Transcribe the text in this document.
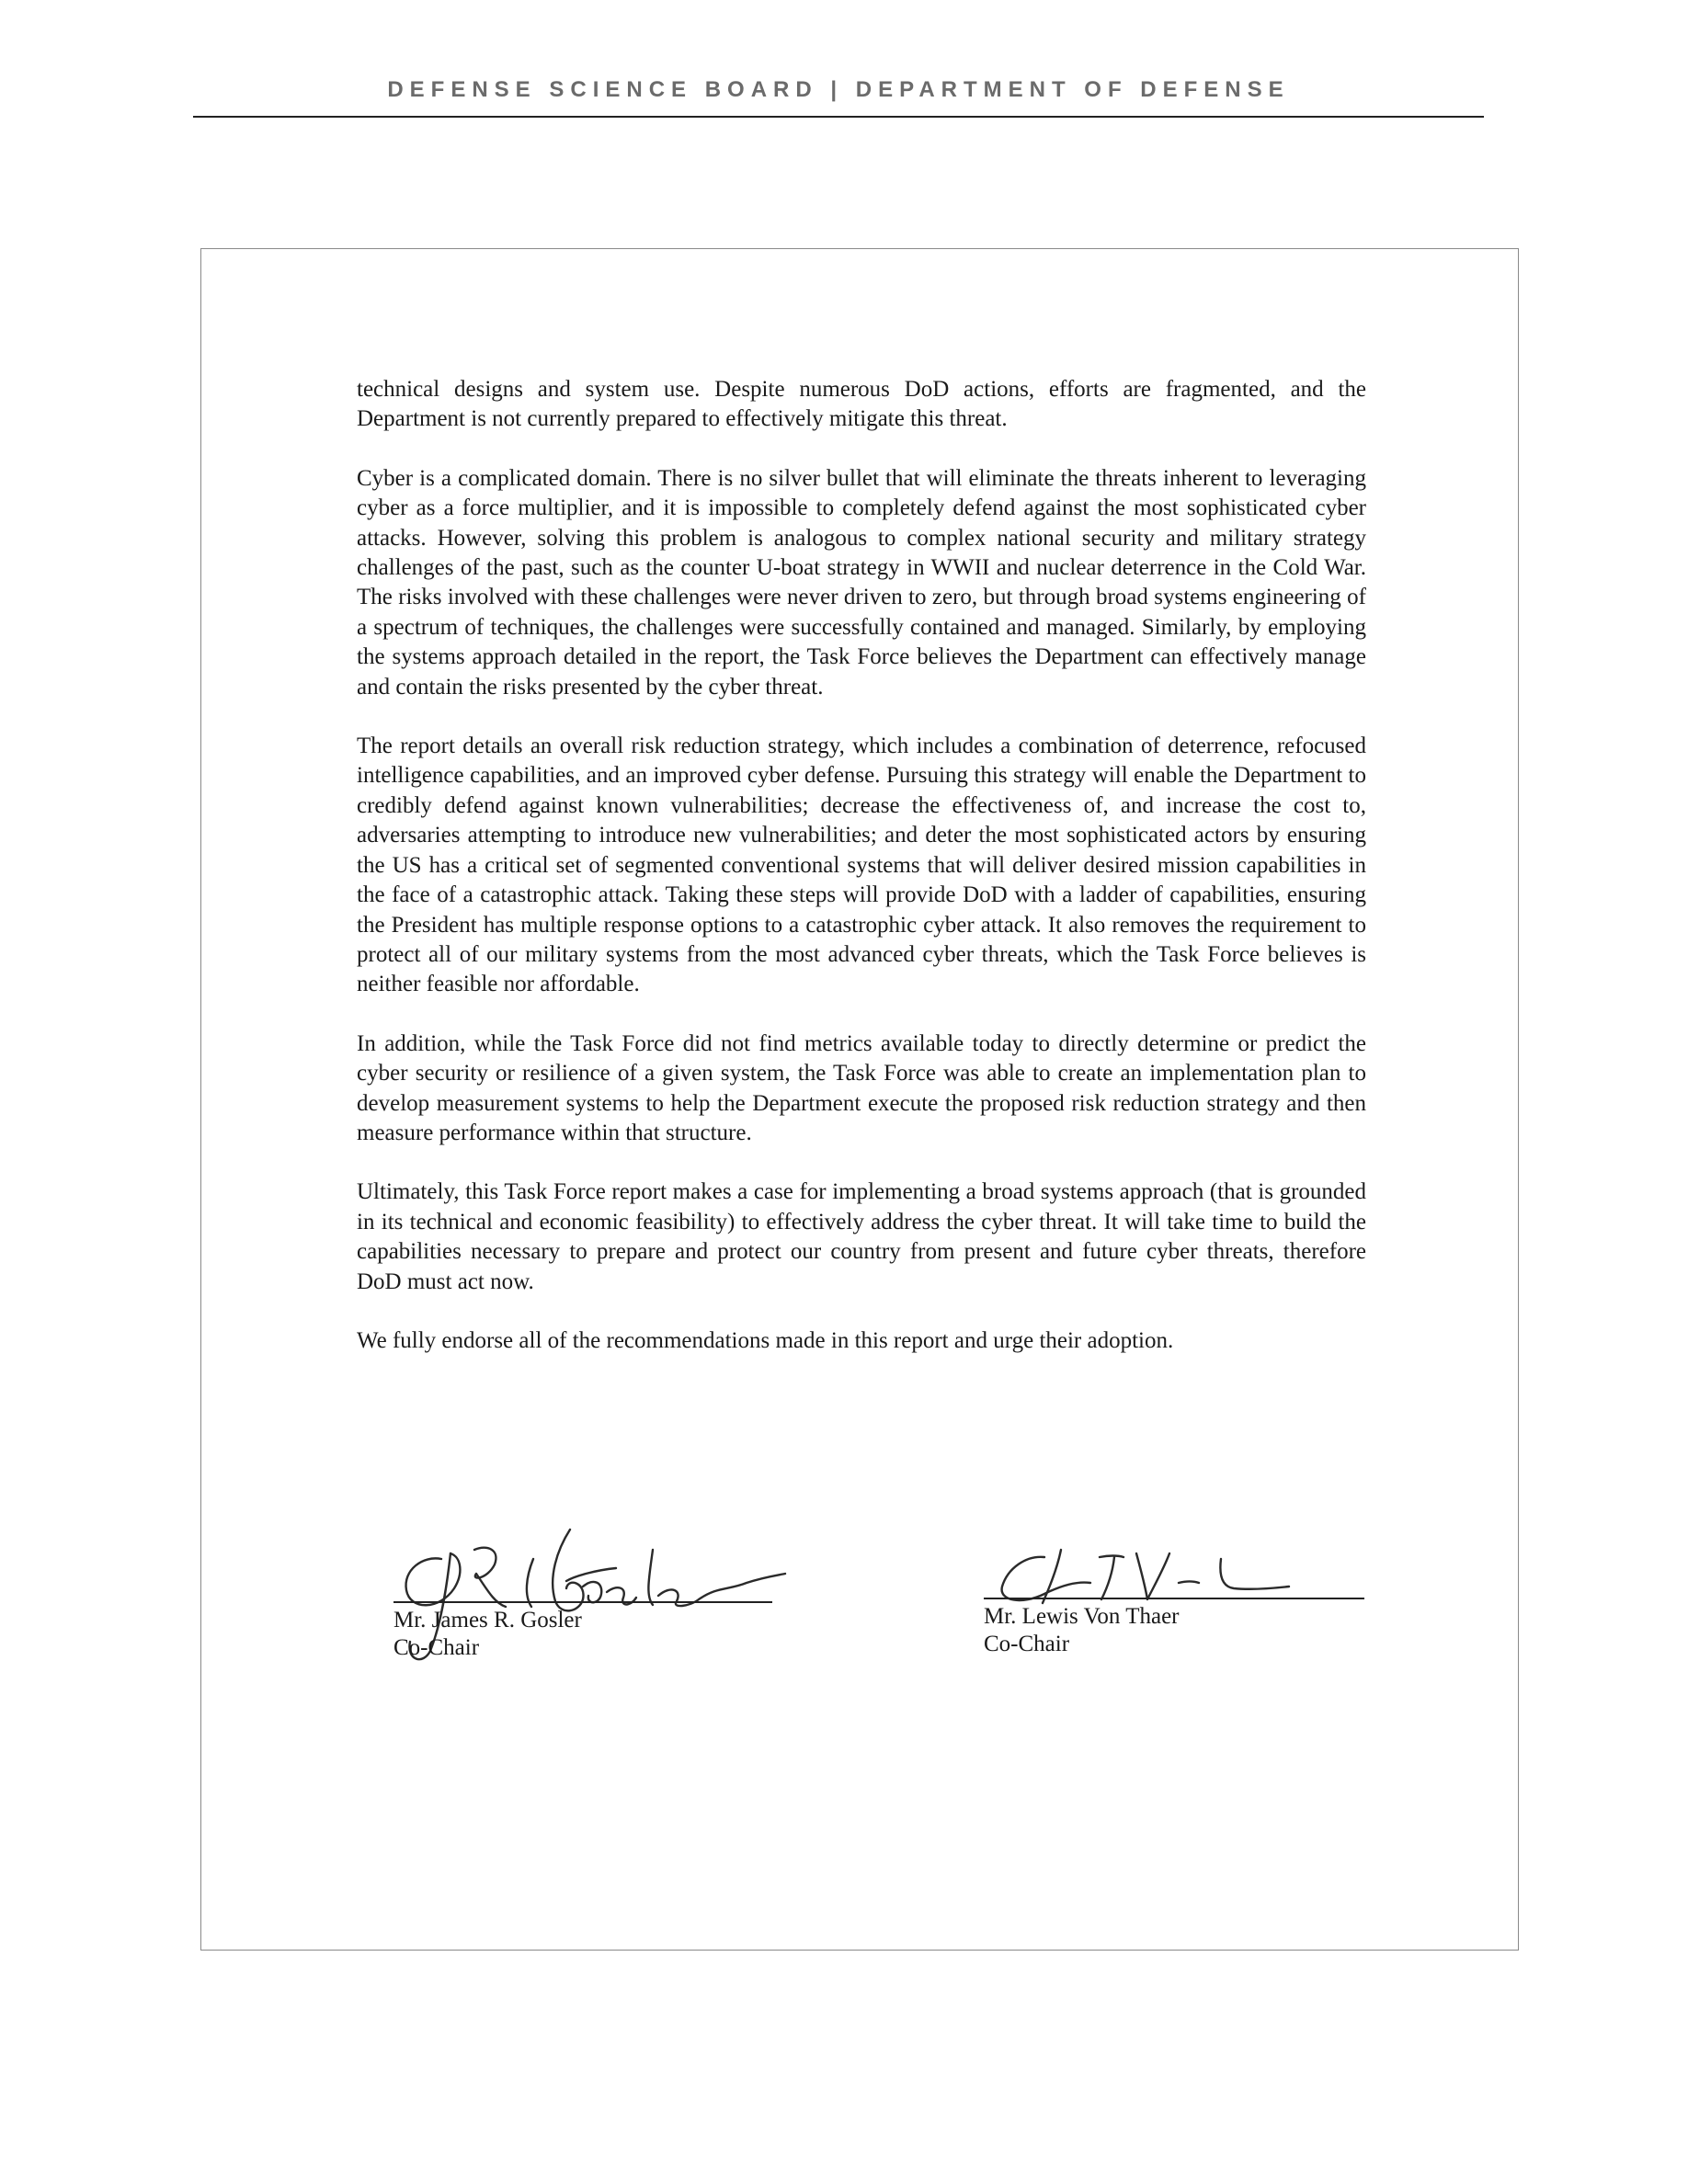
DEFENSE SCIENCE BOARD | DEPARTMENT OF DEFENSE

technical designs and system use. Despite numerous DoD actions, efforts are fragmented, and the Department is not currently prepared to effectively mitigate this threat.

Cyber is a complicated domain. There is no silver bullet that will eliminate the threats inherent to leveraging cyber as a force multiplier, and it is impossible to completely defend against the most sophisticated cyber attacks. However, solving this problem is analogous to complex national security and military strategy challenges of the past, such as the counter U-boat strategy in WWII and nuclear deterrence in the Cold War. The risks involved with these challenges were never driven to zero, but through broad systems engineering of a spectrum of techniques, the challenges were successfully contained and managed. Similarly, by employing the systems approach detailed in the report, the Task Force believes the Department can effectively manage and contain the risks presented by the cyber threat.

The report details an overall risk reduction strategy, which includes a combination of deterrence, refocused intelligence capabilities, and an improved cyber defense. Pursuing this strategy will enable the Department to credibly defend against known vulnerabilities; decrease the effectiveness of, and increase the cost to, adversaries attempting to introduce new vulnerabilities; and deter the most sophisticated actors by ensuring the US has a critical set of segmented conventional systems that will deliver desired mission capabilities in the face of a catastrophic attack. Taking these steps will provide DoD with a ladder of capabilities, ensuring the President has multiple response options to a catastrophic cyber attack. It also removes the requirement to protect all of our military systems from the most advanced cyber threats, which the Task Force believes is neither feasible nor affordable.

In addition, while the Task Force did not find metrics available today to directly determine or predict the cyber security or resilience of a given system, the Task Force was able to create an implementation plan to develop measurement systems to help the Department execute the proposed risk reduction strategy and then measure performance within that structure.

Ultimately, this Task Force report makes a case for implementing a broad systems approach (that is grounded in its technical and economic feasibility) to effectively address the cyber threat. It will take time to build the capabilities necessary to prepare and protect our country from present and future cyber threats, therefore DoD must act now.

We fully endorse all of the recommendations made in this report and urge their adoption.

Mr. James R. Gosler
Co-Chair
Mr. Lewis Von Thaer
Co-Chair
